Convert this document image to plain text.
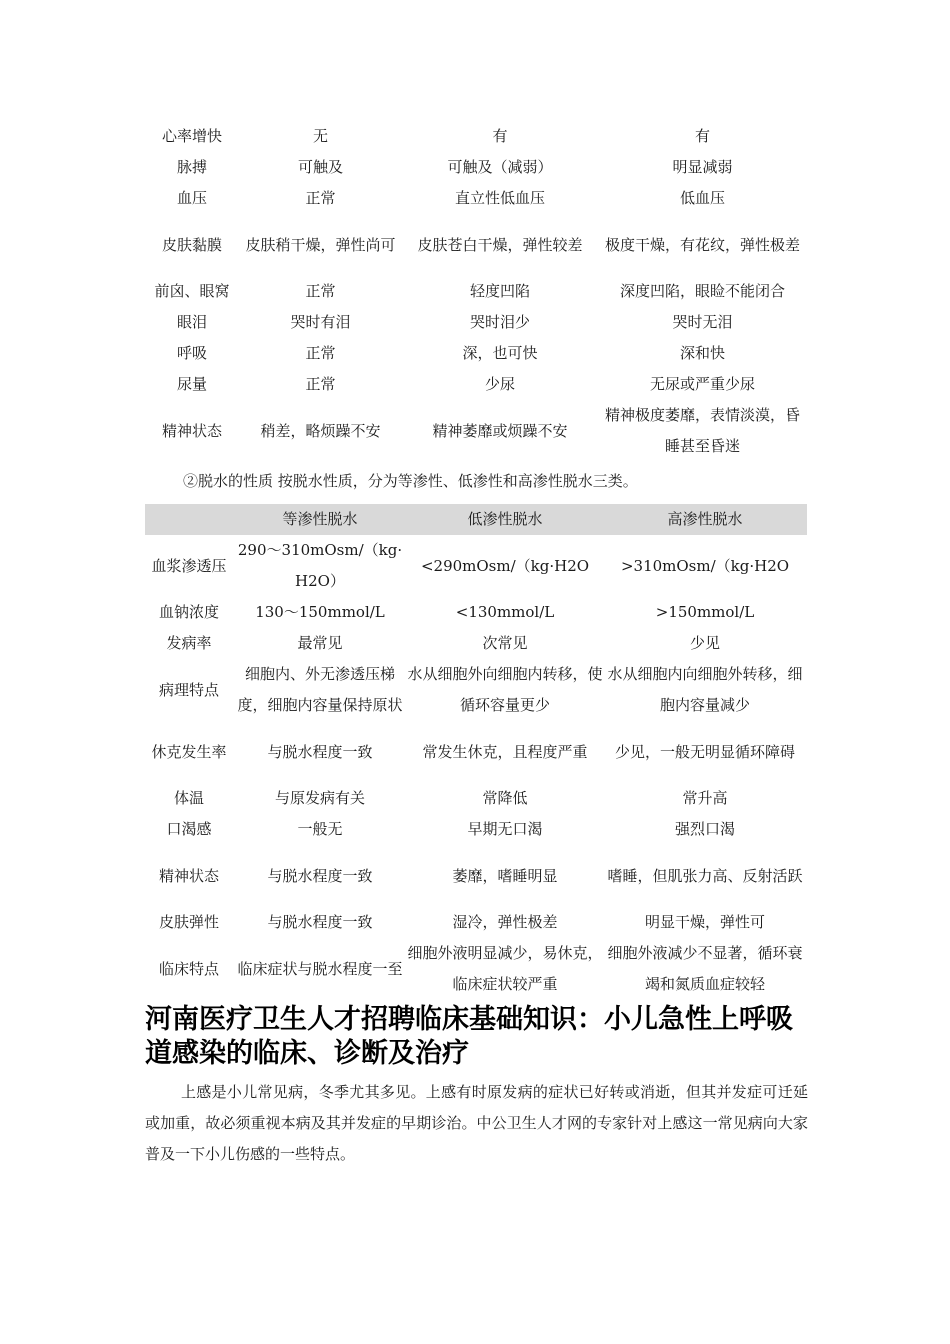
心率增快	无	有	有
脉搏	可触及	可触及（减弱）	明显减弱
血压	正常	直立性低血压	低血压
皮肤黏膜	皮肤稍干燥，弹性尚可	皮肤苍白干燥，弹性较差	极度干燥，有花纹，弹性极差
前囟、眼窝	正常	轻度凹陷	深度凹陷，眼睑不能闭合
眼泪	哭时有泪	哭时泪少	哭时无泪
呼吸	正常	深，也可快	深和快
尿量	正常	少尿	无尿或严重少尿
精神状态	稍差，略烦躁不安	精神萎靡或烦躁不安	精神极度萎靡，表情淡漠，昏睡甚至昏迷
②脱水的性质 按脱水性质，分为等渗性、低渗性和高渗性脱水三类。
	等渗性脱水	低渗性脱水	高渗性脱水
血浆渗透压	290～310mOsm/（kg·H2O）	<290mOsm/（kg·H2O	>310mOsm/（kg·H2O
血钠浓度	130～150mmol/L	<130mmol/L	>150mmol/L
发病率	最常见	次常见	少见
病理特点	细胞内、外无渗透压梯度，细胞内容量保持原状	水从细胞外向细胞内转移，使循环容量更少	水从细胞内向细胞外转移，细胞内容量减少
休克发生率	与脱水程度一致	常发生休克，且程度严重	少见，一般无明显循环障碍
体温	与原发病有关	常降低	常升高
口渴感	一般无	早期无口渴	强烈口渴
精神状态	与脱水程度一致	萎靡，嗜睡明显	嗜睡，但肌张力高、反射活跃
皮肤弹性	与脱水程度一致	湿冷，弹性极差	明显干燥，弹性可
临床特点	临床症状与脱水程度一至	细胞外液明显减少，易休克，临床症状较严重	细胞外液减少不显著，循环衰竭和氮质血症较轻
河南医疗卫生人才招聘临床基础知识：小儿急性上呼吸道感染的临床、诊断及治疗
上感是小儿常见病，冬季尤其多见。上感有时原发病的症状已好转或消逝，但其并发症可迁延或加重，故必须重视本病及其并发症的早期诊治。中公卫生人才网的专家针对上感这一常见病向大家普及一下小儿伤感的一些特点。
